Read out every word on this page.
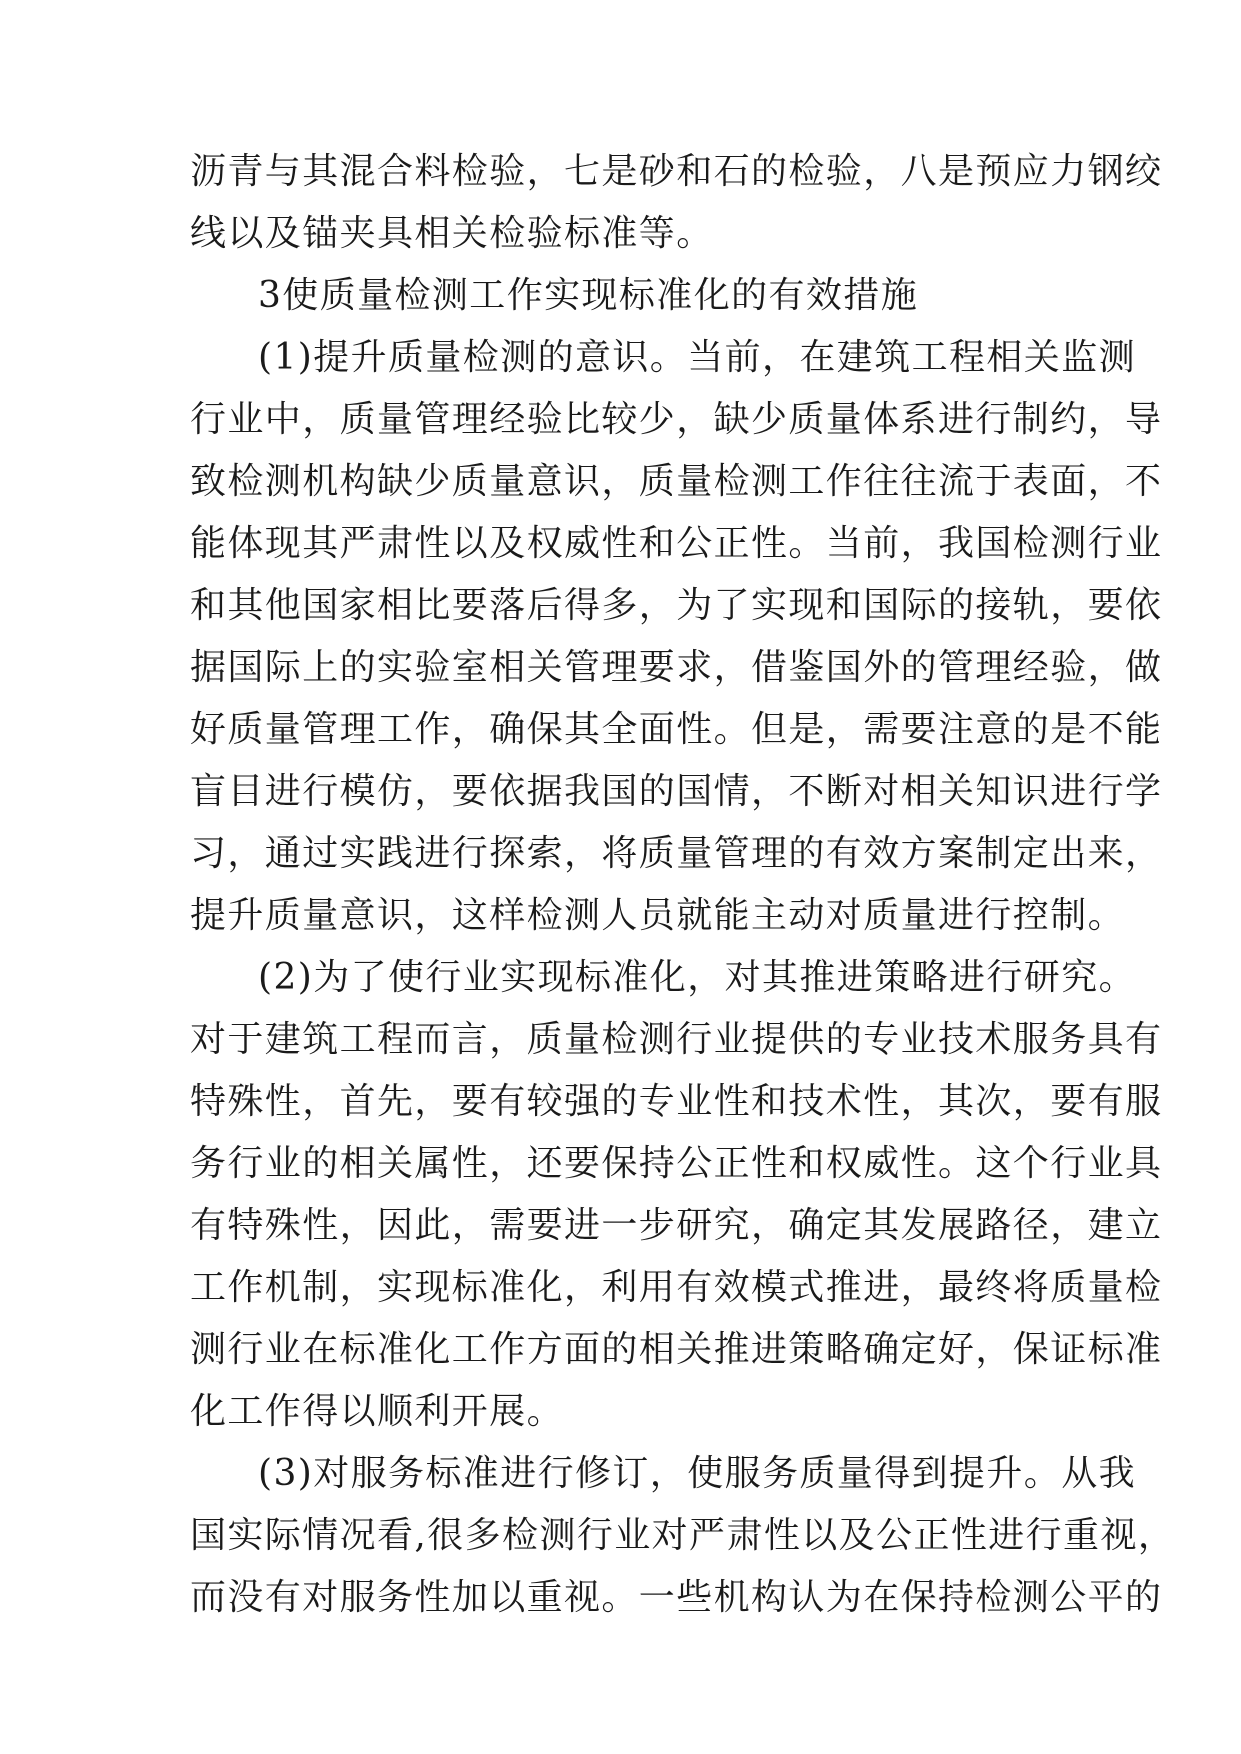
沥青与其混合料检验，七是砂和石的检验，八是预应力钢绞
线以及锚夹具相关检验标准等。
3使质量检测工作实现标准化的有效措施
(1)提升质量检测的意识。当前，在建筑工程相关监测
行业中，质量管理经验比较少，缺少质量体系进行制约，导
致检测机构缺少质量意识，质量检测工作往往流于表面，不
能体现其严肃性以及权威性和公正性。当前，我国检测行业
和其他国家相比要落后得多，为了实现和国际的接轨，要依
据国际上的实验室相关管理要求，借鉴国外的管理经验，做
好质量管理工作，确保其全面性。但是，需要注意的是不能
盲目进行模仿，要依据我国的国情，不断对相关知识进行学
习，通过实践进行探索，将质量管理的有效方案制定出来，
提升质量意识，这样检测人员就能主动对质量进行控制。
(2)为了使行业实现标准化，对其推进策略进行研究。
对于建筑工程而言，质量检测行业提供的专业技术服务具有
特殊性，首先，要有较强的专业性和技术性，其次，要有服
务行业的相关属性，还要保持公正性和权威性。这个行业具
有特殊性，因此，需要进一步研究，确定其发展路径，建立
工作机制，实现标准化，利用有效模式推进，最终将质量检
测行业在标准化工作方面的相关推进策略确定好，保证标准
化工作得以顺利开展。
(3)对服务标准进行修订，使服务质量得到提升。从我
国实际情况看,很多检测行业对严肃性以及公正性进行重视，
而没有对服务性加以重视。一些机构认为在保持检测公平的
